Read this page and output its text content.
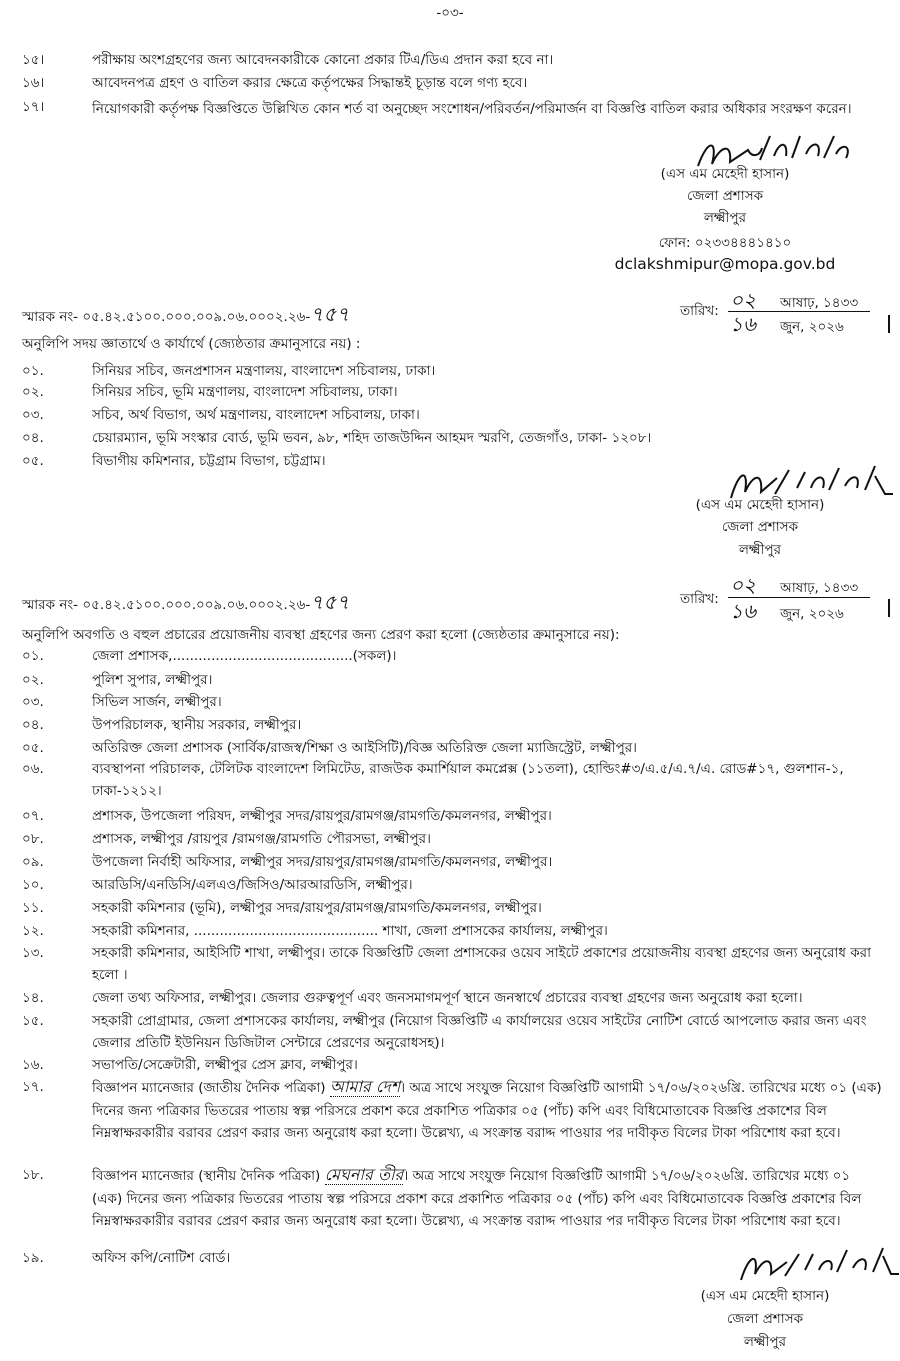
-০৩-
১৫।	পরীক্ষায় অংশগ্রহণের জন্য আবেদনকারীকে কোনো প্রকার টিএ/ডিএ প্রদান করা হবে না।
১৬।	আবেদনপত্র গ্রহণ ও বাতিল করার ক্ষেত্রে কর্তৃপক্ষের সিদ্ধান্তই চূড়ান্ত বলে গণ্য হবে।
১৭।	নিয়োগকারী কর্তৃপক্ষ বিজ্ঞপ্তিতে উল্লিখিত কোন শর্ত বা অনুচ্ছেদ সংশোধন/পরিবর্তন/পরিমার্জন বা বিজ্ঞপ্তি বাতিল করার অধিকার সংরক্ষণ করেন।
(এস এম মেহেদী হাসান)
জেলা প্রশাসক
লক্ষ্মীপুর
ফোন: ০২৩৩৪৪৪১৪১০
dclakshmipur@mopa.gov.bd
স্মারক নং- ০৫.৪২.৫১০০.০০০.০০৯.০৬.০০০২.২৬-৭৫৭	তারিখ: ০২ আষাঢ়, ১৪৩৩
১৬ জুন, ২০২৬
অনুলিপি সদয় জ্ঞাতার্থে ও কার্যার্থে (জ্যেষ্ঠতার ক্রমানুসারে নয়) :
০১.	সিনিয়র সচিব, জনপ্রশাসন মন্ত্রণালয়, বাংলাদেশ সচিবালয়, ঢাকা।
০২.	সিনিয়র সচিব, ভূমি মন্ত্রণালয়, বাংলাদেশ সচিবালয়, ঢাকা।
০৩.	সচিব, অর্থ বিভাগ, অর্থ মন্ত্রণালয়, বাংলাদেশ সচিবালয়, ঢাকা।
০৪.	চেয়ারম্যান, ভূমি সংস্কার বোর্ড, ভূমি ভবন, ৯৮, শহিদ তাজউদ্দিন আহমদ স্মরণি, তেজগাঁও, ঢাকা- ১২০৮।
০৫.	বিভাগীয় কমিশনার, চট্টগ্রাম বিভাগ, চট্টগ্রাম।
(এস এম মেহেদী হাসান)
জেলা প্রশাসক
লক্ষ্মীপুর
স্মারক নং- ০৫.৪২.৫১০০.০০০.০০৯.০৬.০০০২.২৬-৭৫৭	তারিখ:
০২ আষাঢ়, ১৪৩৩
১৬ জুন, ২০২৬
অনুলিপি অবগতি ও বহুল প্রচারের প্রয়োজনীয় ব্যবস্থা গ্রহণের জন্য প্রেরণ করা হলো (জ্যেষ্ঠতার ক্রমানুসারে নয়):
০১.	জেলা প্রশাসক,..........................................(সকল)।
০২.	পুলিশ সুপার, লক্ষ্মীপুর।
০৩.	সিভিল সার্জন, লক্ষ্মীপুর।
০৪.	উপপরিচালক, স্থানীয় সরকার, লক্ষ্মীপুর।
০৫.	অতিরিক্ত জেলা প্রশাসক (সার্বিক/রাজস্ব/শিক্ষা ও আইসিটি)/বিজ্ঞ অতিরিক্ত জেলা ম্যাজিস্ট্রেট, লক্ষ্মীপুর।
০৬.	ব্যবস্থাপনা পরিচালক, টেলিটক বাংলাদেশ লিমিটেড, রাজউক কমার্শিয়াল কমপ্লেক্স (১১তলা), হোল্ডিং#৩/এ.৫/এ.৭/এ. রোড#১৭, গুলশান-১, ঢাকা-১২১২।
০৭.	প্রশাসক, উপজেলা পরিষদ, লক্ষ্মীপুর সদর/রায়পুর/রামগঞ্জ/রামগতি/কমলনগর, লক্ষ্মীপুর।
০৮.	প্রশাসক, লক্ষ্মীপুর /রায়পুর /রামগঞ্জ/রামগতি পৌরসভা, লক্ষ্মীপুর।
০৯.	উপজেলা নির্বাহী অফিসার, লক্ষ্মীপুর সদর/রায়পুর/রামগঞ্জ/রামগতি/কমলনগর, লক্ষ্মীপুর।
১০.	আরডিসি/এনডিসি/এলএও/জিসিও/আরআরডিসি, লক্ষ্মীপুর।
১১.	সহকারী কমিশনার (ভূমি), লক্ষ্মীপুর সদর/রায়পুর/রামগঞ্জ/রামগতি/কমলনগর, লক্ষ্মীপুর।
১২.	সহকারী কমিশনার, ........................................... শাখা, জেলা প্রশাসকের কার্যালয়, লক্ষ্মীপুর।
১৩.	সহকারী কমিশনার, আইসিটি শাখা, লক্ষ্মীপুর। তাকে বিজ্ঞপ্তিটি জেলা প্রশাসকের ওয়েব সাইটে প্রকাশের প্রয়োজনীয় ব্যবস্থা গ্রহণের জন্য অনুরোধ করা হলো ।
১৪.	জেলা তথ্য অফিসার, লক্ষ্মীপুর। জেলার গুরুত্বপূর্ণ এবং জনসমাগমপূর্ণ স্থানে জনস্বার্থে প্রচারের ব্যবস্থা গ্রহণের জন্য অনুরোধ করা হলো।
১৫.	সহকারী প্রোগ্রামার, জেলা প্রশাসকের কার্যালয়, লক্ষ্মীপুর (নিয়োগ বিজ্ঞপ্তিটি এ কার্যালয়ের ওয়েব সাইটের নোটিশ বোর্ডে আপলোড করার জন্য এবং জেলার প্রতিটি ইউনিয়ন ডিজিটাল সেন্টারে প্রেরণের অনুরোধসহ)।
১৬.	সভাপতি/সেক্রেটারী, লক্ষ্মীপুর প্রেস ক্লাব, লক্ষ্মীপুর।
১৭.	বিজ্ঞাপন ম্যানেজার (জাতীয় দৈনিক পত্রিকা) আমার দেশ। অত্র সাথে সংযুক্ত নিয়োগ বিজ্ঞপ্তিটি আগামী ১৭/০৬/২০২৬খ্রি. তারিখের মধ্যে ০১ (এক) দিনের জন্য পত্রিকার ভিতরের পাতায় স্বল্প পরিসরে প্রকাশ করে প্রকাশিত পত্রিকার ০৫ (পাঁচ) কপি এবং বিধিমোতাবেক বিজ্ঞপ্তি প্রকাশের বিল নিম্নস্বাক্ষরকারীর বরাবর প্রেরণ করার জন্য অনুরোধ করা হলো। উল্লেখ্য, এ সংক্রান্ত বরাদ্দ পাওয়ার পর দাবীকৃত বিলের টাকা পরিশোধ করা হবে।
১৮.	বিজ্ঞাপন ম্যানেজার (স্থানীয় দৈনিক পত্রিকা) মেঘনার তীর। অত্র সাথে সংযুক্ত নিয়োগ বিজ্ঞপ্তিটি আগামী ১৭/০৬/২০২৬খ্রি. তারিখের মধ্যে ০১ (এক) দিনের জন্য পত্রিকার ভিতরের পাতায় স্বল্প পরিসরে প্রকাশ করে প্রকাশিত পত্রিকার ০৫ (পাঁচ) কপি এবং বিধিমোতাবেক বিজ্ঞপ্তি প্রকাশের বিল নিম্নস্বাক্ষরকারীর বরাবর প্রেরণ করার জন্য অনুরোধ করা হলো। উল্লেখ্য, এ সংক্রান্ত বরাদ্দ পাওয়ার পর দাবীকৃত বিলের টাকা পরিশোধ করা হবে।
১৯.	অফিস কপি/নোটিশ বোর্ড।
(এস এম মেহেদী হাসান)
জেলা প্রশাসক
লক্ষ্মীপুর
